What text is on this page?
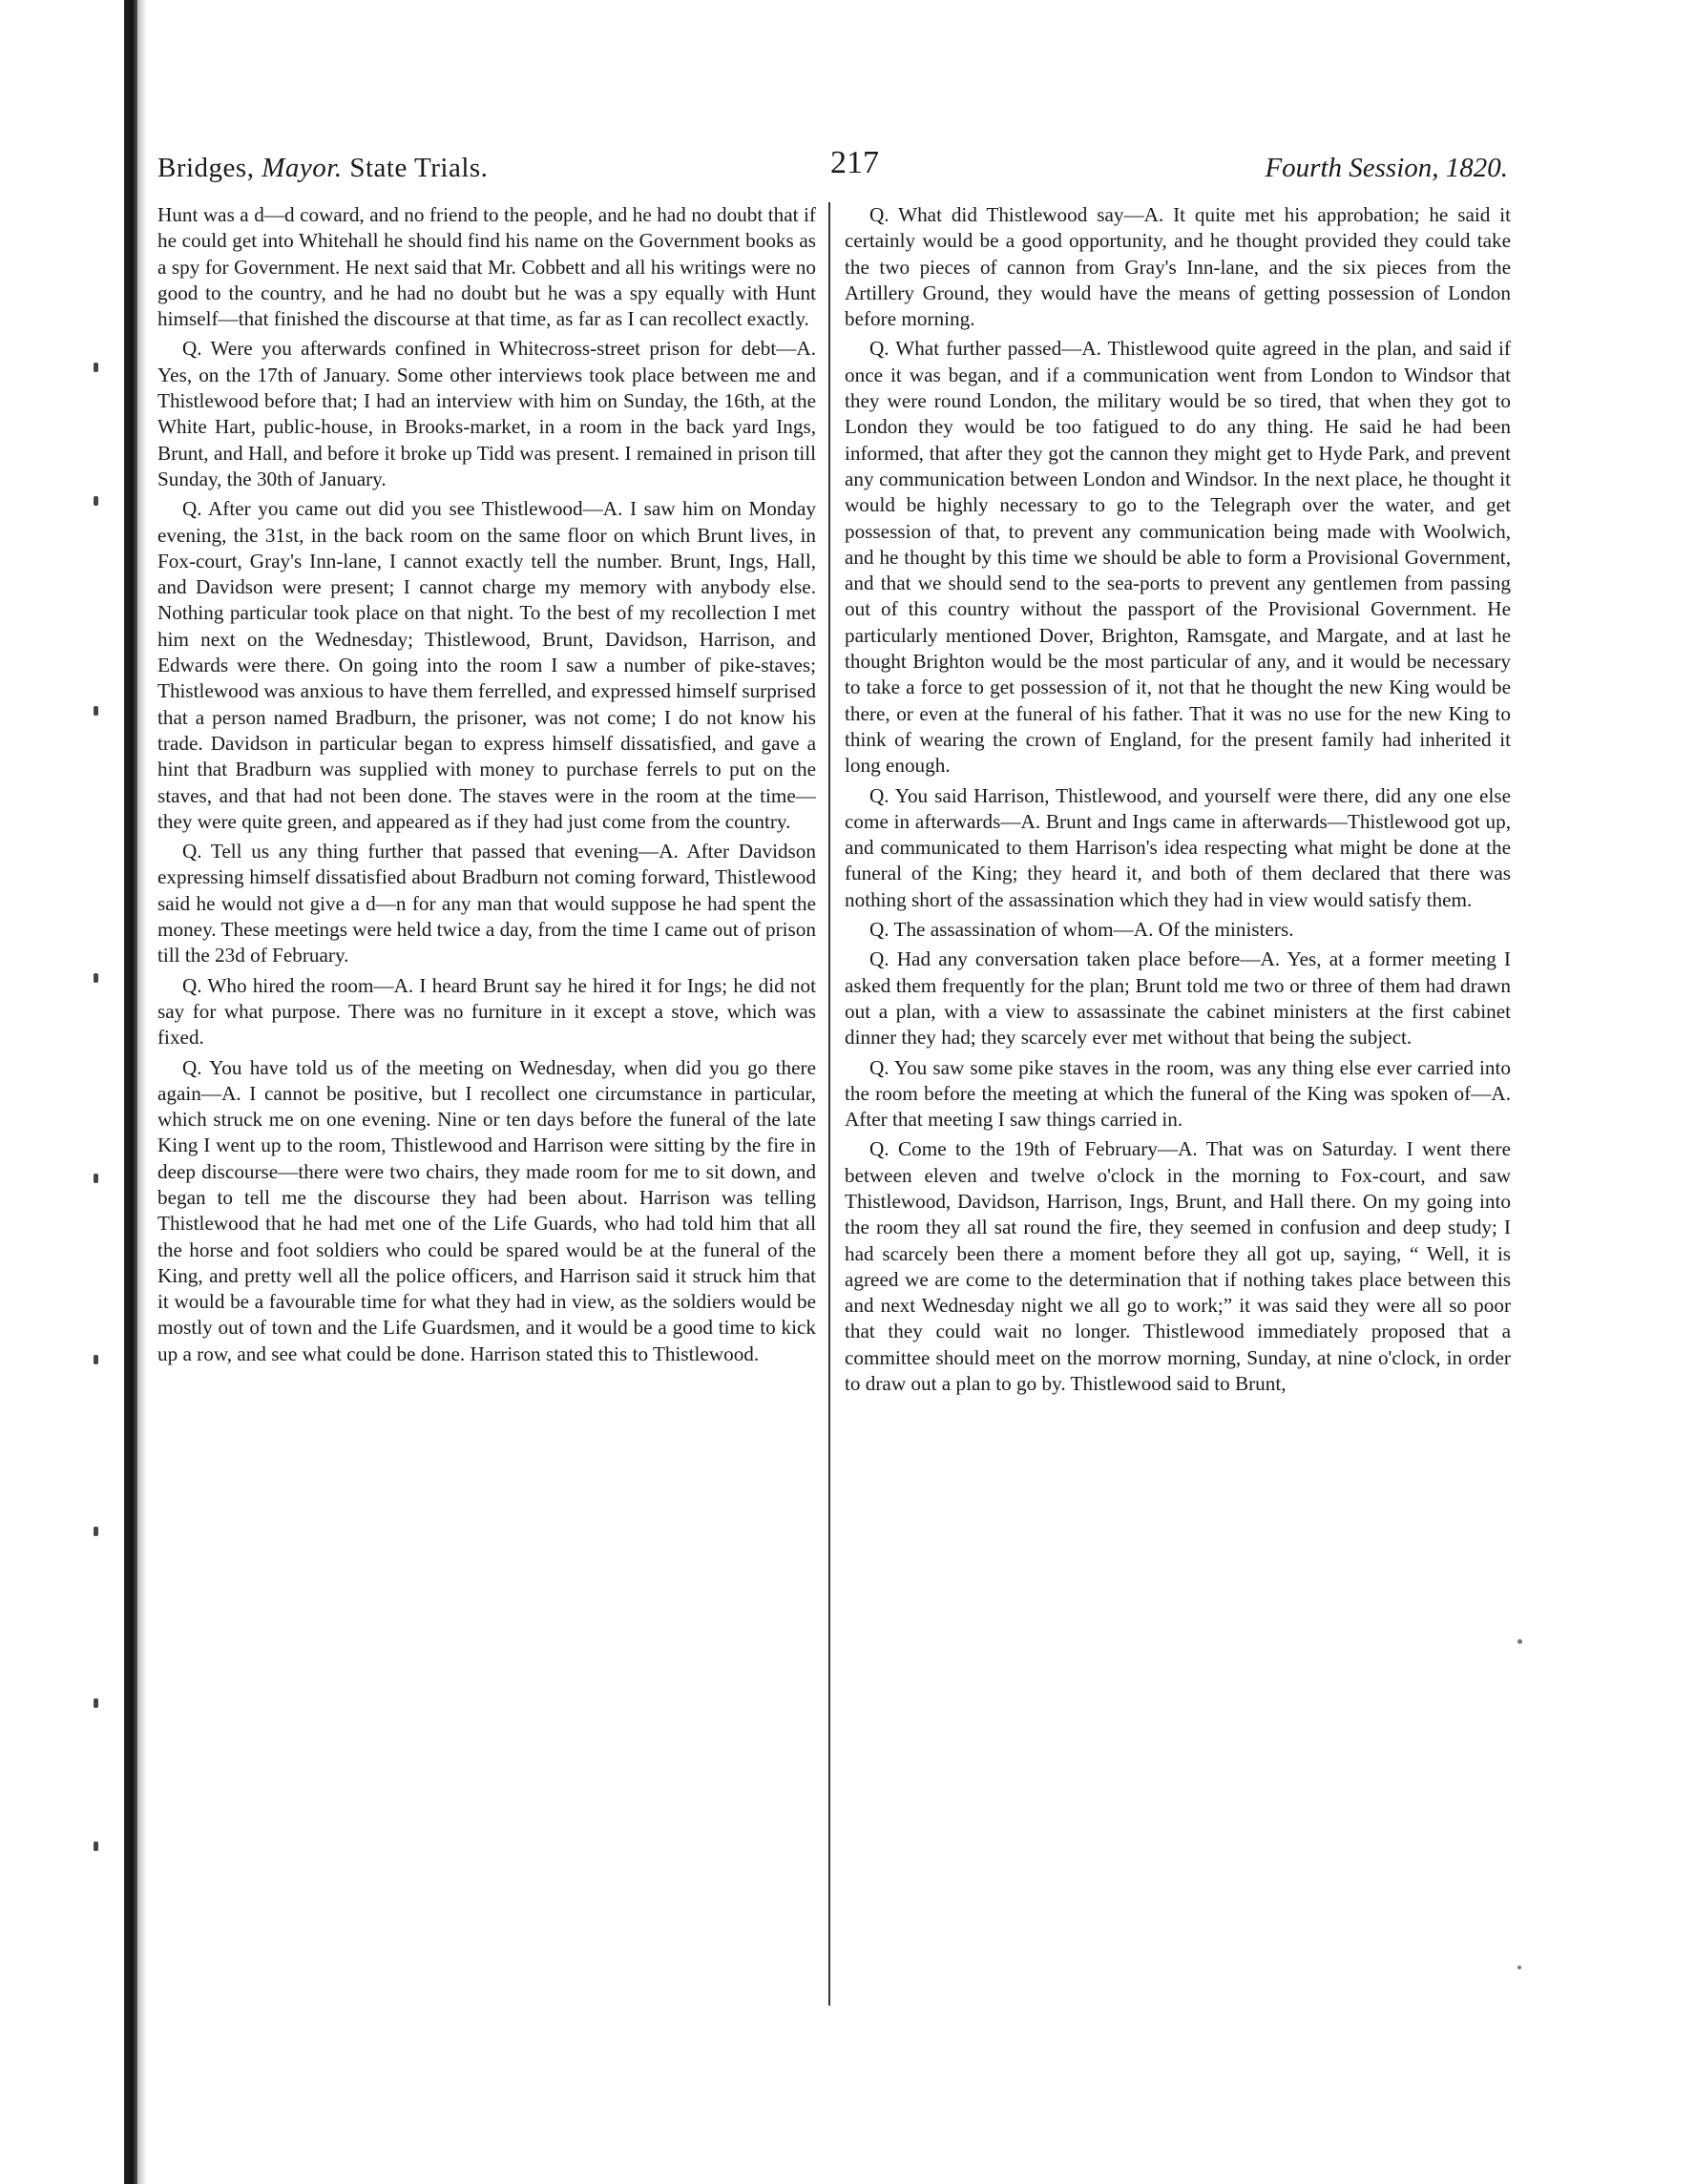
Bridges, Mayor. State Trials.	217	Fourth Session, 1820.

Hunt was a d—d coward, and no friend to the people, and he had no doubt that if he could get into Whitehall he should find his name on the Government books as a spy for Government. He next said that Mr. Cobbett and all his writings were no good to the country, and he had no doubt but he was a spy equally with Hunt himself—that finished the discourse at that time, as far as I can recollect exactly.

Q. Were you afterwards confined in Whitecross-street prison for debt—A. Yes, on the 17th of January. Some other interviews took place between me and Thistlewood before that; I had an interview with him on Sunday, the 16th, at the White Hart, public-house, in Brooks-market, in a room in the back yard Ings, Brunt, and Hall, and before it broke up Tidd was present. I remained in prison till Sunday, the 30th of January.

Q. After you came out did you see Thistlewood—A. I saw him on Monday evening, the 31st, in the back room on the same floor on which Brunt lives, in Fox-court, Gray's Inn-lane, I cannot exactly tell the number. Brunt, Ings, Hall, and Davidson were present; I cannot charge my memory with anybody else. Nothing particular took place on that night. To the best of my recollection I met him next on the Wednesday; Thistlewood, Brunt, Davidson, Harrison, and Edwards were there. On going into the room I saw a number of pike-staves; Thistlewood was anxious to have them ferrelled, and expressed himself surprised that a person named Bradburn, the prisoner, was not come; I do not know his trade. Davidson in particular began to express himself dissatisfied, and gave a hint that Bradburn was supplied with money to purchase ferrels to put on the staves, and that had not been done. The staves were in the room at the time—they were quite green, and appeared as if they had just come from the country.

Q. Tell us any thing further that passed that evening—A. After Davidson expressing himself dissatisfied about Bradburn not coming forward, Thistlewood said he would not give a d—n for any man that would suppose he had spent the money. These meetings were held twice a day, from the time I came out of prison till the 23d of February.

Q. Who hired the room—A. I heard Brunt say he hired it for Ings; he did not say for what purpose. There was no furniture in it except a stove, which was fixed.

Q. You have told us of the meeting on Wednesday, when did you go there again—A. I cannot be positive, but I recollect one circumstance in particular, which struck me on one evening. Nine or ten days before the funeral of the late King I went up to the room, Thistlewood and Harrison were sitting by the fire in deep discourse—there were two chairs, they made room for me to sit down, and began to tell me the discourse they had been about. Harrison was telling Thistlewood that he had met one of the Life Guards, who had told him that all the horse and foot soldiers who could be spared would be at the funeral of the King, and pretty well all the police officers, and Harrison said it struck him that it would be a favourable time for what they had in view, as the soldiers would be mostly out of town and the Life Guardsmen, and it would be a good time to kick up a row, and see what could be done. Harrison stated this to Thistlewood.

Q. What did Thistlewood say—A. It quite met his approbation; he said it certainly would be a good opportunity, and he thought provided they could take the two pieces of cannon from Gray's Inn-lane, and the six pieces from the Artillery Ground, they would have the means of getting possession of London before morning.

Q. What further passed—A. Thistlewood quite agreed in the plan, and said if once it was began, and if a communication went from London to Windsor that they were round London, the military would be so tired, that when they got to London they would be too fatigued to do any thing. He said he had been informed, that after they got the cannon they might get to Hyde Park, and prevent any communication between London and Windsor. In the next place, he thought it would be highly necessary to go to the Telegraph over the water, and get possession of that, to prevent any communication being made with Woolwich, and he thought by this time we should be able to form a Provisional Government, and that we should send to the sea-ports to prevent any gentlemen from passing out of this country without the passport of the Provisional Government. He particularly mentioned Dover, Brighton, Ramsgate, and Margate, and at last he thought Brighton would be the most particular of any, and it would be necessary to take a force to get possession of it, not that he thought the new King would be there, or even at the funeral of his father. That it was no use for the new King to think of wearing the crown of England, for the present family had inherited it long enough.

Q. You said Harrison, Thistlewood, and yourself were there, did any one else come in afterwards—A. Brunt and Ings came in afterwards—Thistlewood got up, and communicated to them Harrison's idea respecting what might be done at the funeral of the King; they heard it, and both of them declared that there was nothing short of the assassination which they had in view would satisfy them.

Q. The assassination of whom—A. Of the ministers.

Q. Had any conversation taken place before—A. Yes, at a former meeting I asked them frequently for the plan; Brunt told me two or three of them had drawn out a plan, with a view to assassinate the cabinet ministers at the first cabinet dinner they had; they scarcely ever met without that being the subject.

Q. You saw some pike staves in the room, was any thing else ever carried into the room before the meeting at which the funeral of the King was spoken of—A. After that meeting I saw things carried in.

Q. Come to the 19th of February—A. That was on Saturday. I went there between eleven and twelve o'clock in the morning to Fox-court, and saw Thistlewood, Davidson, Harrison, Ings, Brunt, and Hall there. On my going into the room they all sat round the fire, they seemed in confusion and deep study; I had scarcely been there a moment before they all got up, saying, “ Well, it is agreed we are come to the determination that if nothing takes place between this and next Wednesday night we all go to work;” it was said they were all so poor that they could wait no longer. Thistlewood immediately proposed that a committee should meet on the morrow morning, Sunday, at nine o'clock, in order to draw out a plan to go by. Thistlewood said to Brunt,
